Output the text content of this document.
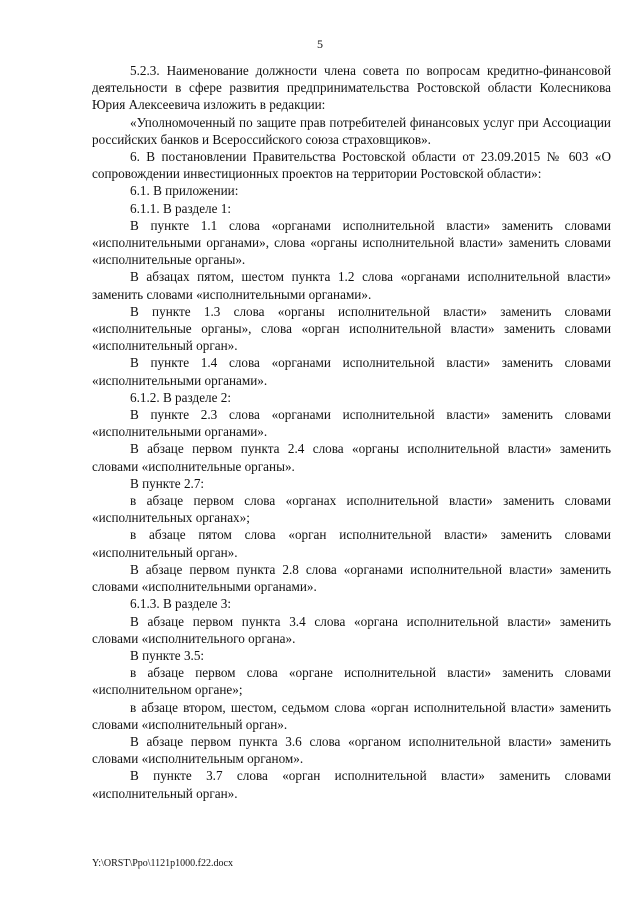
5

5.2.3. Наименование должности члена совета по вопросам кредитно-финансовой деятельности в сфере развития предпринимательства Ростовской области Колесникова Юрия Алексеевича изложить в редакции:

«Уполномоченный по защите прав потребителей финансовых услуг при Ассоциации российских банков и Всероссийского союза страховщиков».

6. В постановлении Правительства Ростовской области от 23.09.2015 № 603 «О сопровождении инвестиционных проектов на территории Ростовской области»:

6.1. В приложении:

6.1.1. В разделе 1:

В пункте 1.1 слова «органами исполнительной власти» заменить словами «исполнительными органами», слова «органы исполнительной власти» заменить словами «исполнительные органы».

В абзацах пятом, шестом пункта 1.2 слова «органами исполнительной власти» заменить словами «исполнительными органами».

В пункте 1.3 слова «органы исполнительной власти» заменить словами «исполнительные органы», слова «орган исполнительной власти» заменить словами «исполнительный орган».

В пункте 1.4 слова «органами исполнительной власти» заменить словами «исполнительными органами».

6.1.2. В разделе 2:

В пункте 2.3 слова «органами исполнительной власти» заменить словами «исполнительными органами».

В абзаце первом пункта 2.4 слова «органы исполнительной власти» заменить словами «исполнительные органы».

В пункте 2.7:

в абзаце первом слова «органах исполнительной власти» заменить словами «исполнительных органах»;

в абзаце пятом слова «орган исполнительной власти» заменить словами «исполнительный орган».

В абзаце первом пункта 2.8 слова «органами исполнительной власти» заменить словами «исполнительными органами».

6.1.3. В разделе 3:

В абзаце первом пункта 3.4 слова «органа исполнительной власти» заменить словами «исполнительного органа».

В пункте 3.5:

в абзаце первом слова «органе исполнительной власти» заменить словами «исполнительном органе»;

в абзаце втором, шестом, седьмом слова «орган исполнительной власти» заменить словами «исполнительный орган».

В абзаце первом пункта 3.6 слова «органом исполнительной власти» заменить словами «исполнительным органом».

В пункте 3.7 слова «орган исполнительной власти» заменить словами «исполнительный орган».

Y:\ORST\Ppo\1121p1000.f22.docx
